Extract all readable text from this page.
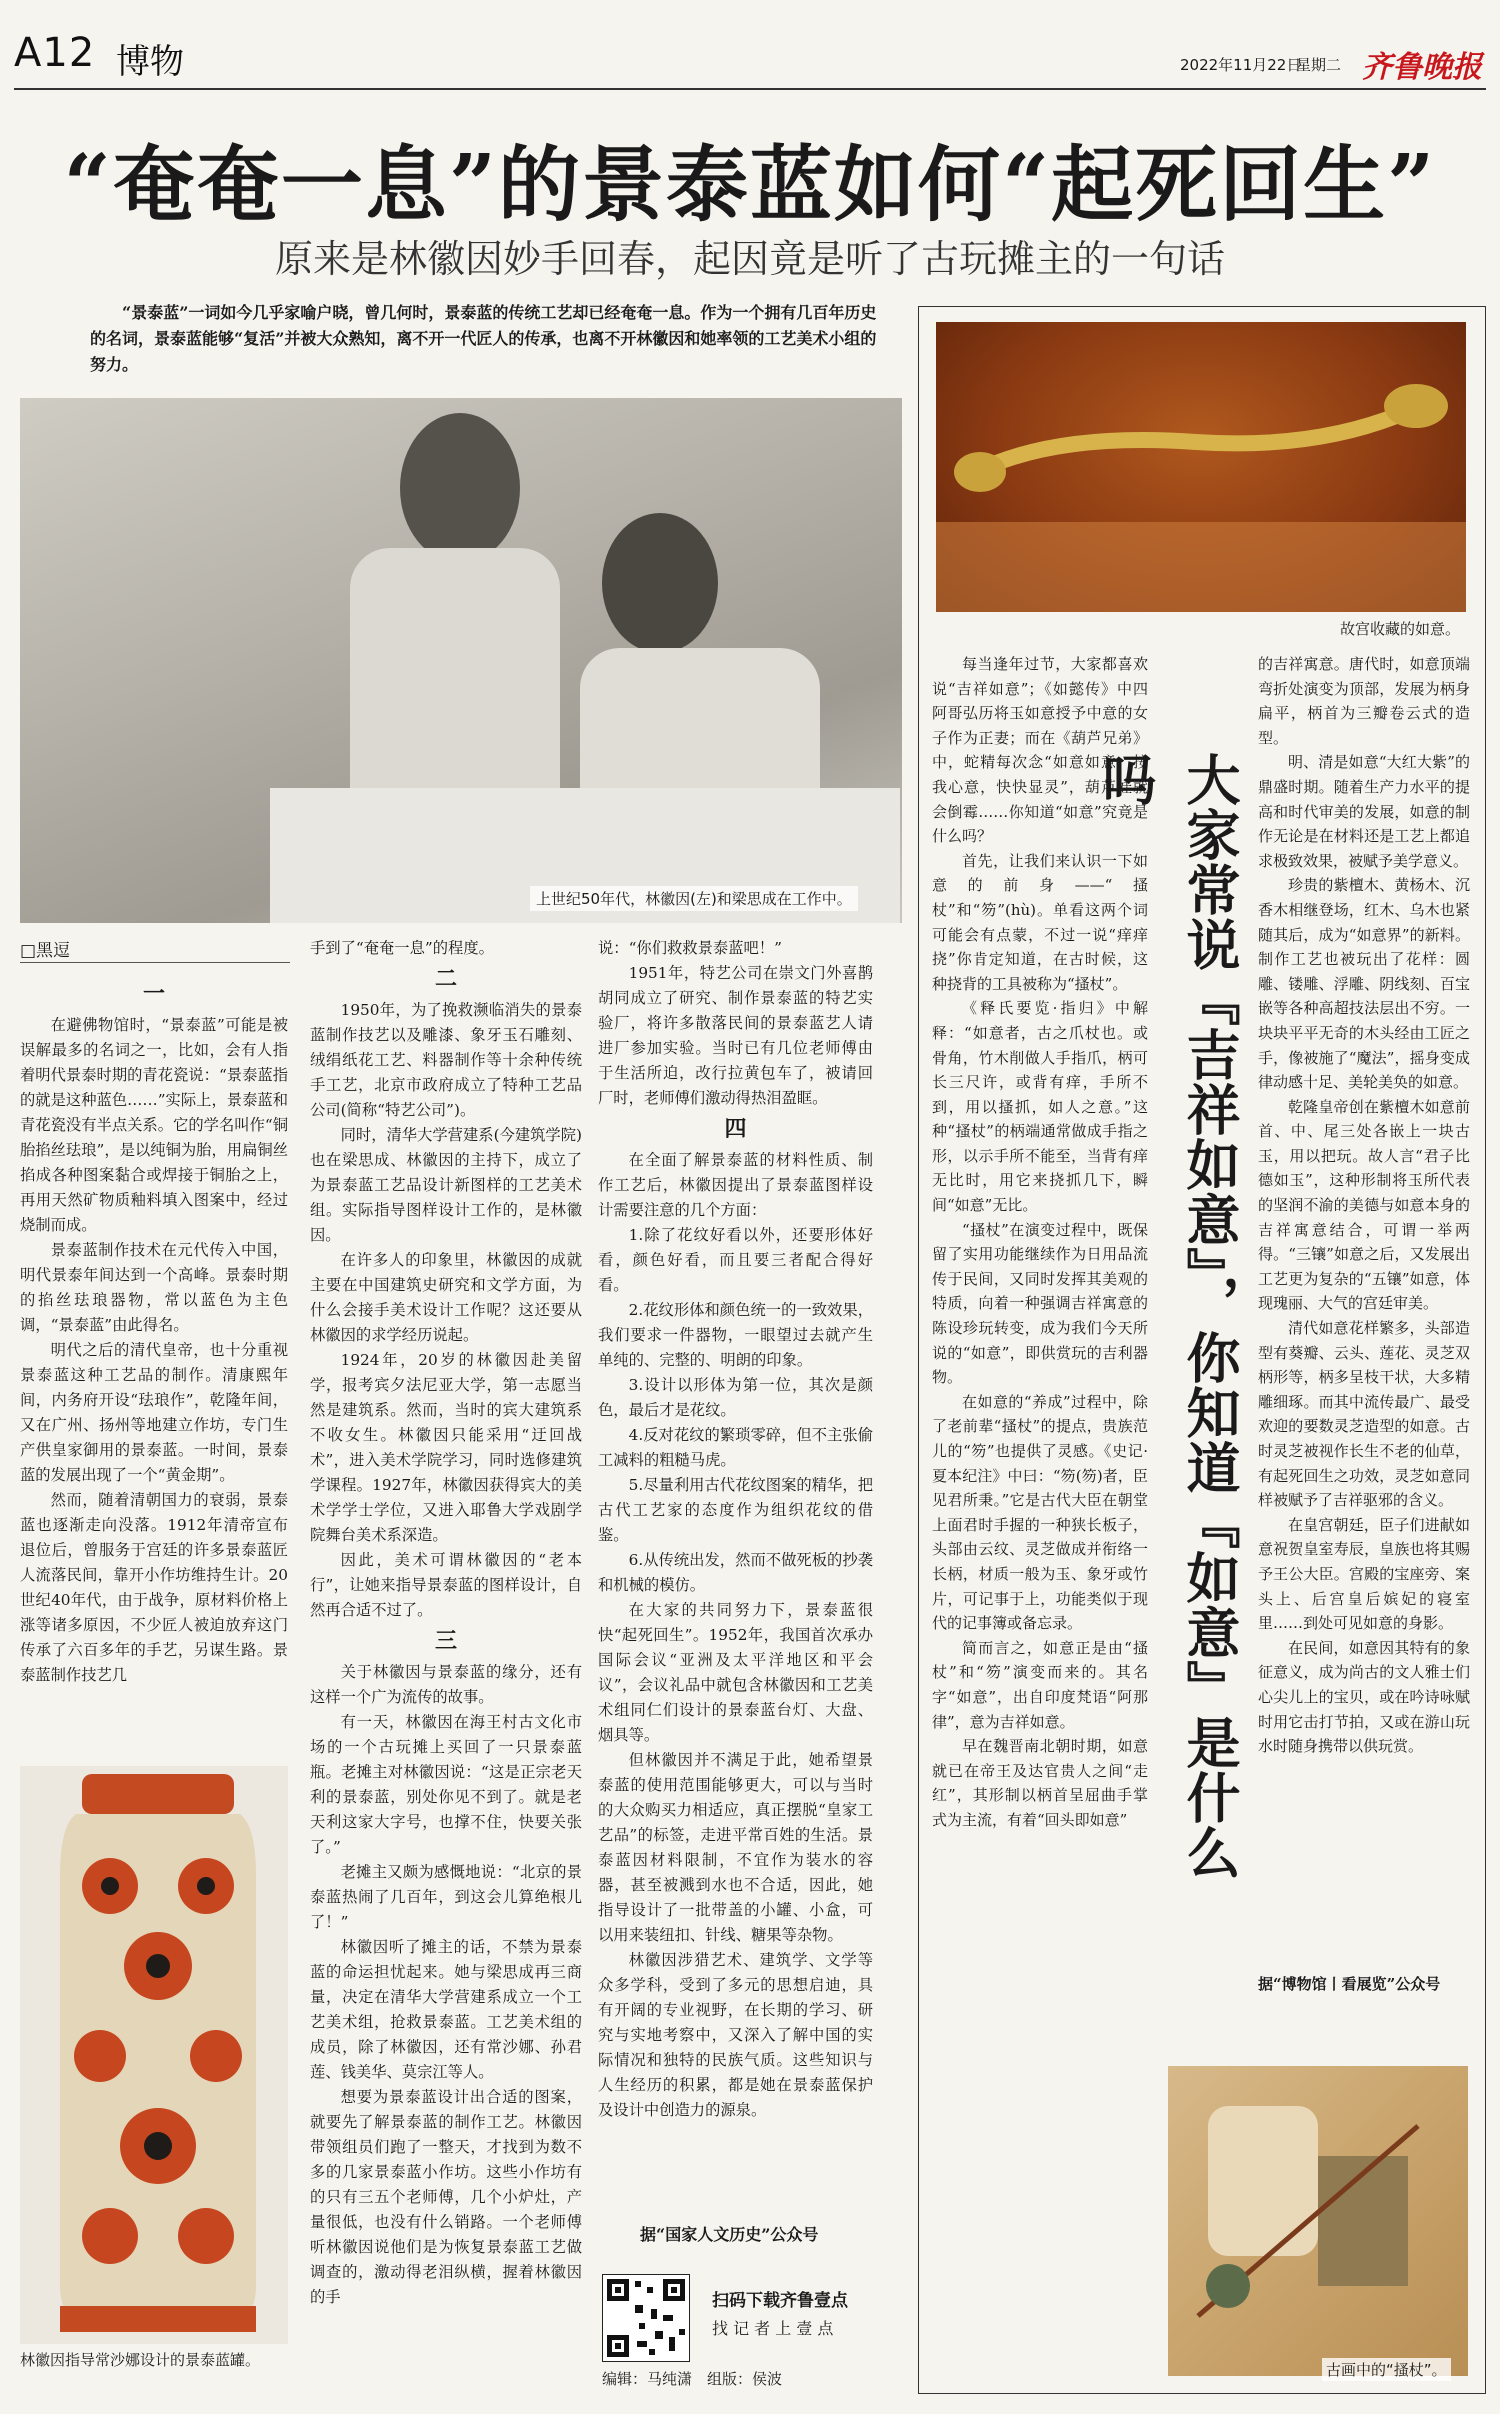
A12 博物	2022年11月22日
星期二 齐鲁晚报
“奄奄一息”的景泰蓝如何“起死回生”
原来是林徽因妙手回春，起因竟是听了古玩摊主的一句话
“景泰蓝”一词如今几乎家喻户晓，曾几何时，景泰蓝的传统工艺却已经奄奄一息。作为一个拥有几百年历史的名词，景泰蓝能够“复活”并被大众熟知，离不开一代匠人的传承，也离不开林徽因和她率领的工艺美术小组的努力。
上世纪50年代，林徽因(左)和梁思成在工作中。
□黑逗
一

在避佛物馆时，“景泰蓝”可能是被误解最多的名词之一，比如，会有人指着明代景泰时期的青花瓷说：“景泰蓝指的就是这种蓝色……”实际上，景泰蓝和青花瓷没有半点关系。它的学名叫作“铜胎掐丝珐琅”，是以纯铜为胎，用扁铜丝掐成各种图案黏合或焊接于铜胎之上，再用天然矿物质釉料填入图案中，经过烧制而成。

景泰蓝制作技术在元代传入中国，明代景泰年间达到一个高峰。景泰时期的掐丝珐琅器物，常以蓝色为主色调，“景泰蓝”由此得名。

明代之后的清代皇帝，也十分重视景泰蓝这种工艺品的制作。清康熙年间，内务府开设“珐琅作”，乾隆年间，又在广州、扬州等地建立作坊，专门生产供皇家御用的景泰蓝。一时间，景泰蓝的发展出现了一个“黄金期”。

然而，随着清朝国力的衰弱，景泰蓝也逐渐走向没落。1912年清帝宣布退位后，曾服务于宫廷的许多景泰蓝匠人流落民间，靠开小作坊维持生计。20世纪40年代，由于战争，原材料价格上涨等诸多原因，不少匠人被迫放弃这门传承了六百多年的手艺，另谋生路。景泰蓝制作技艺几

林徽因指导常沙娜设计的景泰蓝罐。

手到了“奄奄一息”的程度。

二

1950年，为了挽救濒临消失的景泰蓝制作技艺以及雕漆、象牙玉石雕刻、绒绢纸花工艺、料器制作等十余种传统手工艺，北京市政府成立了特种工艺品公司(简称“特艺公司”)。

同时，清华大学营建系(今建筑学院)也在梁思成、林徽因的主持下，成立了为景泰蓝工艺品设计新图样的工艺美术组。实际指导图样设计工作的，是林徽因。

在许多人的印象里，林徽因的成就主要在中国建筑史研究和文学方面，为什么会接手美术设计工作呢？这还要从林徽因的求学经历说起。

1924年，20岁的林徽因赴美留学，报考宾夕法尼亚大学，第一志愿当然是建筑系。然而，当时的宾大建筑系不收女生。林徽因只能采用“迂回战术”，进入美术学院学习，同时选修建筑学课程。1927年，林徽因获得宾大的美术学学士学位，又进入耶鲁大学戏剧学院舞台美术系深造。

因此，美术可谓林徽因的“老本行”，让她来指导景泰蓝的图样设计，自然再合适不过了。

三

关于林徽因与景泰蓝的缘分，还有这样一个广为流传的故事。

有一天，林徽因在海王村古文化市场的一个古玩摊上买回了一只景泰蓝瓶。老摊主对林徽因说：“这是正宗老天利的景泰蓝，别处你见不到了。就是老天利这家大字号，也撑不住，快要关张了。”

老摊主又颇为感慨地说：“北京的景泰蓝热闹了几百年，到这会儿算绝根儿了！”

林徽因听了摊主的话，不禁为景泰蓝的命运担忧起来。她与梁思成再三商量，决定在清华大学营建系成立一个工艺美术组，抢救景泰蓝。工艺美术组的成员，除了林徽因，还有常沙娜、孙君莲、钱美华、莫宗江等人。

想要为景泰蓝设计出合适的图案，就要先了解景泰蓝的制作工艺。林徽因带领组员们跑了一整天，才找到为数不多的几家景泰蓝小作坊。这些小作坊有的只有三五个老师傅，几个小炉灶，产量很低，也没有什么销路。一个老师傅听林徽因说他们是为恢复景泰蓝工艺做调查的，激动得老泪纵横，握着林徽因的手

说：“你们救救景泰蓝吧！”

1951年，特艺公司在崇文门外喜鹊胡同成立了研究、制作景泰蓝的特艺实验厂，将许多散落民间的景泰蓝艺人请进厂参加实验。当时已有几位老师傅由于生活所迫，改行拉黄包车了，被请回厂时，老师傅们激动得热泪盈眶。

四

在全面了解景泰蓝的材料性质、制作工艺后，林徽因提出了景泰蓝图样设计需要注意的几个方面：

1.除了花纹好看以外，还要形体好看，颜色好看，而且要三者配合得好看。

2.花纹形体和颜色统一的一致效果，我们要求一件器物，一眼望过去就产生单纯的、完整的、明朗的印象。

3.设计以形体为第一位，其次是颜色，最后才是花纹。

4.反对花纹的繁琐零碎，但不主张偷工减料的粗糙马虎。

5.尽量利用古代花纹图案的精华，把古代工艺家的态度作为组织花纹的借鉴。

6.从传统出发，然而不做死板的抄袭和机械的模仿。

在大家的共同努力下，景泰蓝很快“起死回生”。1952年，我国首次承办国际会议“亚洲及太平洋地区和平会议”，会议礼品中就包含林徽因和工艺美术组同仁们设计的景泰蓝台灯、大盘、烟具等。

但林徽因并不满足于此，她希望景泰蓝的使用范围能够更大，可以与当时的大众购买力相适应，真正摆脱“皇家工艺品”的标签，走进平常百姓的生活。景泰蓝因材料限制，不宜作为装水的容器，甚至被溅到水也不合适，因此，她指导设计了一批带盖的小罐、小盒，可以用来装纽扣、针线、糖果等杂物。

林徽因涉猎艺术、建筑学、文学等众多学科，受到了多元的思想启迪，具有开阔的专业视野，在长期的学习、研究与实地考察中，又深入了解中国的实际情况和独特的民族气质。这些知识与人生经历的积累，都是她在景泰蓝保护及设计中创造力的源泉。

据“国家人文历史”公众号
扫码下载齐鲁壹点
找 记 者 上 壹 点
编辑：马纯潇　组版：侯波
故宫收藏的如意。
大家常说『吉祥如意』，你知道『如意』是什么吗

每当逢年过节，大家都喜欢说“吉祥如意”；《如懿传》中四阿哥弘历将玉如意授予中意的女子作为正妻；而在《葫芦兄弟》中，蛇精每次念“如意如意，按我心意，快快显灵”，葫芦娃就会倒霉……你知道“如意”究竟是什么吗？

首先，让我们来认识一下如意的前身——“搔杖”和“笏”(hù)。单看这两个词可能会有点蒙，不过一说“痒痒挠”你肯定知道，在古时候，这种挠背的工具被称为“搔杖”。

《释氏要览·指归》中解释：“如意者，古之爪杖也。或骨角，竹木削做人手指爪，柄可长三尺许，或背有痒，手所不到，用以搔抓，如人之意。”这种“搔杖”的柄端通常做成手指之形，以示手所不能至，当背有痒无比时，用它来挠抓几下，瞬间“如意”无比。

“搔杖”在演变过程中，既保留了实用功能继续作为日用品流传于民间，又同时发挥其美观的特质，向着一种强调吉祥寓意的陈设珍玩转变，成为我们今天所说的“如意”，即供赏玩的吉利器物。

在如意的“养成”过程中，除了老前辈“搔杖”的提点，贵族范儿的“笏”也提供了灵感。《史记·夏本纪注》中曰：“笏(笏)者，臣见君所秉。”它是古代大臣在朝堂上面君时手握的一种狭长板子，头部由云纹、灵芝做成并衔络一长柄，材质一般为玉、象牙或竹片，可记事于上，功能类似于现代的记事簿或备忘录。

简而言之，如意正是由“搔杖”和“笏”演变而来的。其名字“如意”，出自印度梵语“阿那律”，意为吉祥如意。

早在魏晋南北朝时期，如意就已在帝王及达官贵人之间“走红”，其形制以柄首呈屈曲手掌式为主流，有着“回头即如意”

的吉祥寓意。唐代时，如意顶端弯折处演变为顶部，发展为柄身扁平，柄首为三瓣卷云式的造型。

明、清是如意“大红大紫”的鼎盛时期。随着生产力水平的提高和时代审美的发展，如意的制作无论是在材料还是工艺上都追求极致效果，被赋予美学意义。

珍贵的紫檀木、黄杨木、沉香木相继登场，红木、乌木也紧随其后，成为“如意界”的新料。制作工艺也被玩出了花样：圆雕、镂雕、浮雕、阴线刻、百宝嵌等各种高超技法层出不穷。一块块平平无奇的木头经由工匠之手，像被施了“魔法”，摇身变成律动感十足、美轮美奂的如意。

乾隆皇帝创在紫檀木如意前首、中、尾三处各嵌上一块古玉，用以把玩。故人言“君子比德如玉”，这种形制将玉所代表的坚润不渝的美德与如意本身的吉祥寓意结合，可谓一举两得。“三镶”如意之后，又发展出工艺更为复杂的“五镶”如意，体现瑰丽、大气的宫廷审美。

清代如意花样繁多，头部造型有葵瓣、云头、莲花、灵芝双柄形等，柄多呈枝干状，大多精雕细琢。而其中流传最广、最受欢迎的要数灵芝造型的如意。古时灵芝被视作长生不老的仙草，有起死回生之功效，灵芝如意同样被赋予了吉祥驱邪的含义。

在皇宫朝廷，臣子们进献如意祝贺皇室寿辰，皇族也将其赐予王公大臣。宫殿的宝座旁、案头上、后宫皇后嫔妃的寝室里……到处可见如意的身影。

在民间，如意因其特有的象征意义，成为尚古的文人雅士们心尖儿上的宝贝，或在吟诗咏赋时用它击打节拍，又或在游山玩水时随身携带以供玩赏。

据“博物馆丨看展览”公众号
古画中的“搔杖”。
